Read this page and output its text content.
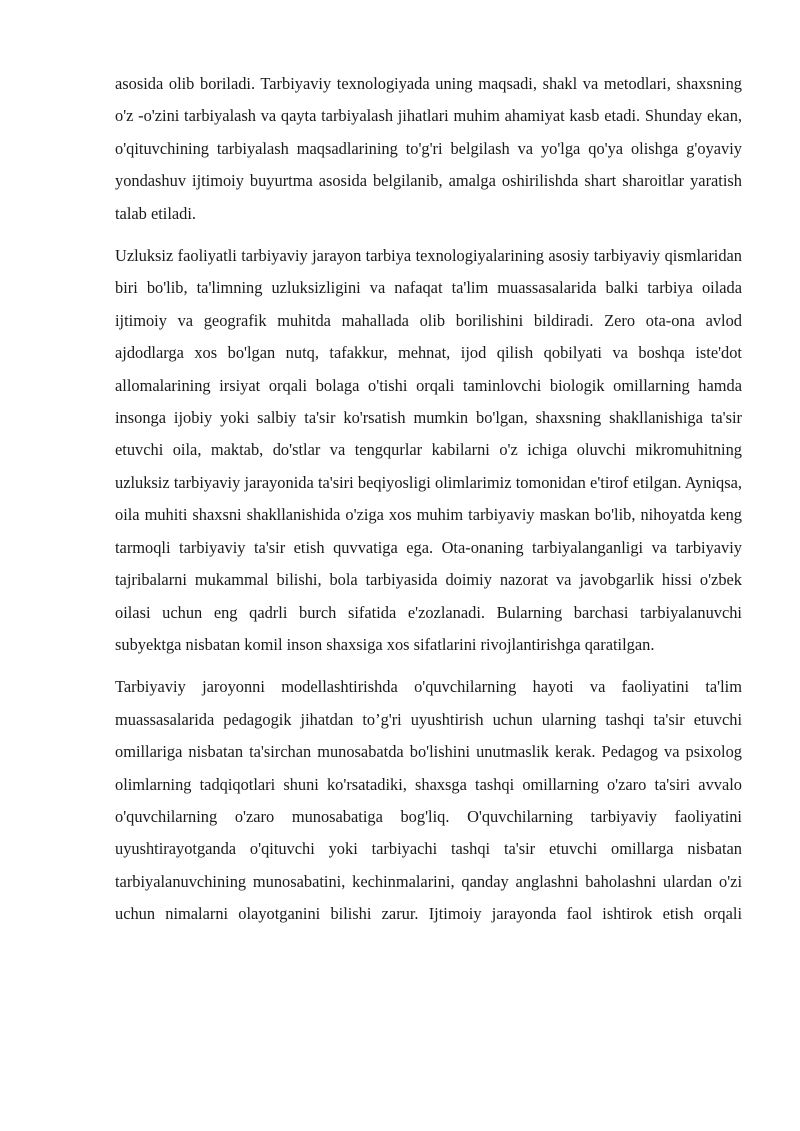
asosida olib boriladi. Tarbiyaviy texnologiyada uning maqsadi, shakl va metodlari, shaxsning o'z -o'zini tarbiyalash va qayta tarbiyalash jihatlari muhim ahamiyat kasb etadi. Shunday ekan, o'qituvchining tarbiyalash maqsadlarining to'g'ri belgilash va yo'lga qo'ya olishga g'oyaviy yondashuv ijtimoiy buyurtma asosida belgilanib, amalga oshirilishda shart sharoitlar yaratish talab etiladi.

Uzluksiz faoliyatli tarbiyaviy jarayon tarbiya texnologiyalarining asosiy tarbiyaviy qismlaridan biri bo'lib, ta'limning uzluksizligini va nafaqat ta'lim muassasalarida balki tarbiya oilada ijtimoiy va geografik muhitda mahallada olib borilishini bildiradi. Zero ota-ona avlod ajdodlarga xos bo'lgan nutq, tafakkur, mehnat, ijod qilish qobilyati va boshqa iste'dot allomalarining irsiyat orqali bolaga o'tishi orqali taminlovchi biologik omillarning hamda insonga ijobiy yoki salbiy ta'sir ko'rsatish mumkin bo'lgan, shaxsning shakllanishiga ta'sir etuvchi oila, maktab, do'stlar va tengqurlar kabilarni o'z ichiga oluvchi mikromuhitning uzluksiz tarbiyaviy jarayonida ta'siri beqiyosligi olimlarimiz tomonidan e'tirof etilgan. Ayniqsa, oila muhiti shaxsni shakllanishida o'ziga xos muhim tarbiyaviy maskan bo'lib, nihoyatda keng tarmoqli tarbiyaviy ta'sir etish quvvatiga ega. Ota-onaning tarbiyalanganligi va tarbiyaviy tajribalarni mukammal bilishi, bola tarbiyasida doimiy nazorat va javobgarlik hissi o'zbek oilasi uchun eng qadrli burch sifatida e'zozlanadi. Bularning barchasi tarbiyalanuvchi subyektga nisbatan komil inson shaxsiga xos sifatlarini rivojlantirishga qaratilgan.

Tarbiyaviy jaroyonni modellashtirishda o'quvchilarning hayoti va faoliyatini ta'lim muassasalarida pedagogik jihatdan to’g'ri uyushtirish uchun ularning tashqi ta'sir etuvchi omillariga nisbatan ta'sirchan munosabatda bo'lishini unutmaslik kerak. Pedagog va psixolog olimlarning tadqiqotlari shuni ko'rsatadiki, shaxsga tashqi omillarning o'zaro ta'siri avvalo o'quvchilarning o'zaro munosabatiga bog'liq. O'quvchilarning tarbiyaviy faoliyatini uyushtirayotganda o'qituvchi yoki tarbiyachi tashqi ta'sir etuvchi omillarga nisbatan tarbiyalanuvchining munosabatini, kechinmalarini, qanday anglashni baholashni ulardan o'zi uchun nimalarni olayotganini bilishi zarur. Ijtimoiy jarayonda faol ishtirok etish orqali
